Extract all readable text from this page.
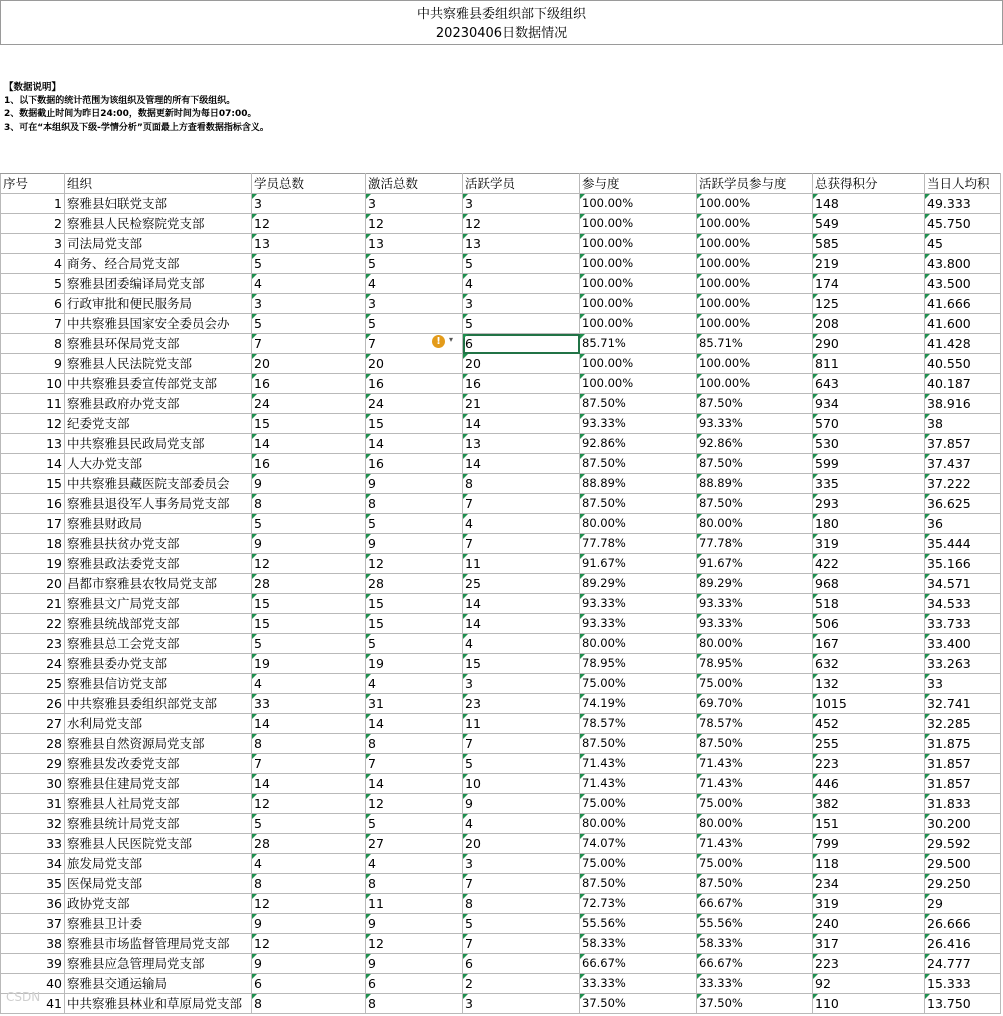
中共察雅县委组织部下级组织
20230406日数据情况
【数据说明】
1、以下数据的统计范围为该组织及管理的所有下级组织。
2、数据截止时间为昨日24:00，数据更新时间为每日07:00。
3、可在“本组织及下级-学情分析”页面最上方查看数据指标含义。
序号	组织	学员总数	激活总数	活跃学员	参与度	活跃学员参与度	总获得积分	当日人均积
1	察雅县妇联党支部	3	3	3	100.00%	100.00%	148	49.333
2	察雅县人民检察院党支部	12	12	12	100.00%	100.00%	549	45.750
3	司法局党支部	13	13	13	100.00%	100.00%	585	45
4	商务、经合局党支部	5	5	5	100.00%	100.00%	219	43.800
5	察雅县团委编译局党支部	4	4	4	100.00%	100.00%	174	43.500
6	行政审批和便民服务局	3	3	3	100.00%	100.00%	125	41.666
7	中共察雅县国家安全委员会办	5	5	5	100.00%	100.00%	208	41.600
8	察雅县环保局党支部	7	7	6	85.71%	85.71%	290	41.428
9	察雅县人民法院党支部	20	20	20	100.00%	100.00%	811	40.550
10	中共察雅县委宣传部党支部	16	16	16	100.00%	100.00%	643	40.187
11	察雅县政府办党支部	24	24	21	87.50%	87.50%	934	38.916
12	纪委党支部	15	15	14	93.33%	93.33%	570	38
13	中共察雅县民政局党支部	14	14	13	92.86%	92.86%	530	37.857
14	人大办党支部	16	16	14	87.50%	87.50%	599	37.437
15	中共察雅县藏医院支部委员会	9	9	8	88.89%	88.89%	335	37.222
16	察雅县退役军人事务局党支部	8	8	7	87.50%	87.50%	293	36.625
17	察雅县财政局	5	5	4	80.00%	80.00%	180	36
18	察雅县扶贫办党支部	9	9	7	77.78%	77.78%	319	35.444
19	察雅县政法委党支部	12	12	11	91.67%	91.67%	422	35.166
20	昌都市察雅县农牧局党支部	28	28	25	89.29%	89.29%	968	34.571
21	察雅县文广局党支部	15	15	14	93.33%	93.33%	518	34.533
22	察雅县统战部党支部	15	15	14	93.33%	93.33%	506	33.733
23	察雅县总工会党支部	5	5	4	80.00%	80.00%	167	33.400
24	察雅县委办党支部	19	19	15	78.95%	78.95%	632	33.263
25	察雅县信访党支部	4	4	3	75.00%	75.00%	132	33
26	中共察雅县委组织部党支部	33	31	23	74.19%	69.70%	1015	32.741
27	水利局党支部	14	14	11	78.57%	78.57%	452	32.285
28	察雅县自然资源局党支部	8	8	7	87.50%	87.50%	255	31.875
29	察雅县发改委党支部	7	7	5	71.43%	71.43%	223	31.857
30	察雅县住建局党支部	14	14	10	71.43%	71.43%	446	31.857
31	察雅县人社局党支部	12	12	9	75.00%	75.00%	382	31.833
32	察雅县统计局党支部	5	5	4	80.00%	80.00%	151	30.200
33	察雅县人民医院党支部	28	27	20	74.07%	71.43%	799	29.592
34	旅发局党支部	4	4	3	75.00%	75.00%	118	29.500
35	医保局党支部	8	8	7	87.50%	87.50%	234	29.250
36	政协党支部	12	11	8	72.73%	66.67%	319	29
37	察雅县卫计委	9	9	5	55.56%	55.56%	240	26.666
38	察雅县市场监督管理局党支部	12	12	7	58.33%	58.33%	317	26.416
39	察雅县应急管理局党支部	9	9	6	66.67%	66.67%	223	24.777
40	察雅县交通运输局	6	6	2	33.33%	33.33%	92	15.333
41	中共察雅县林业和草原局党支部	8	8	3	37.50%	37.50%	110	13.750
!	▾
CSDN
